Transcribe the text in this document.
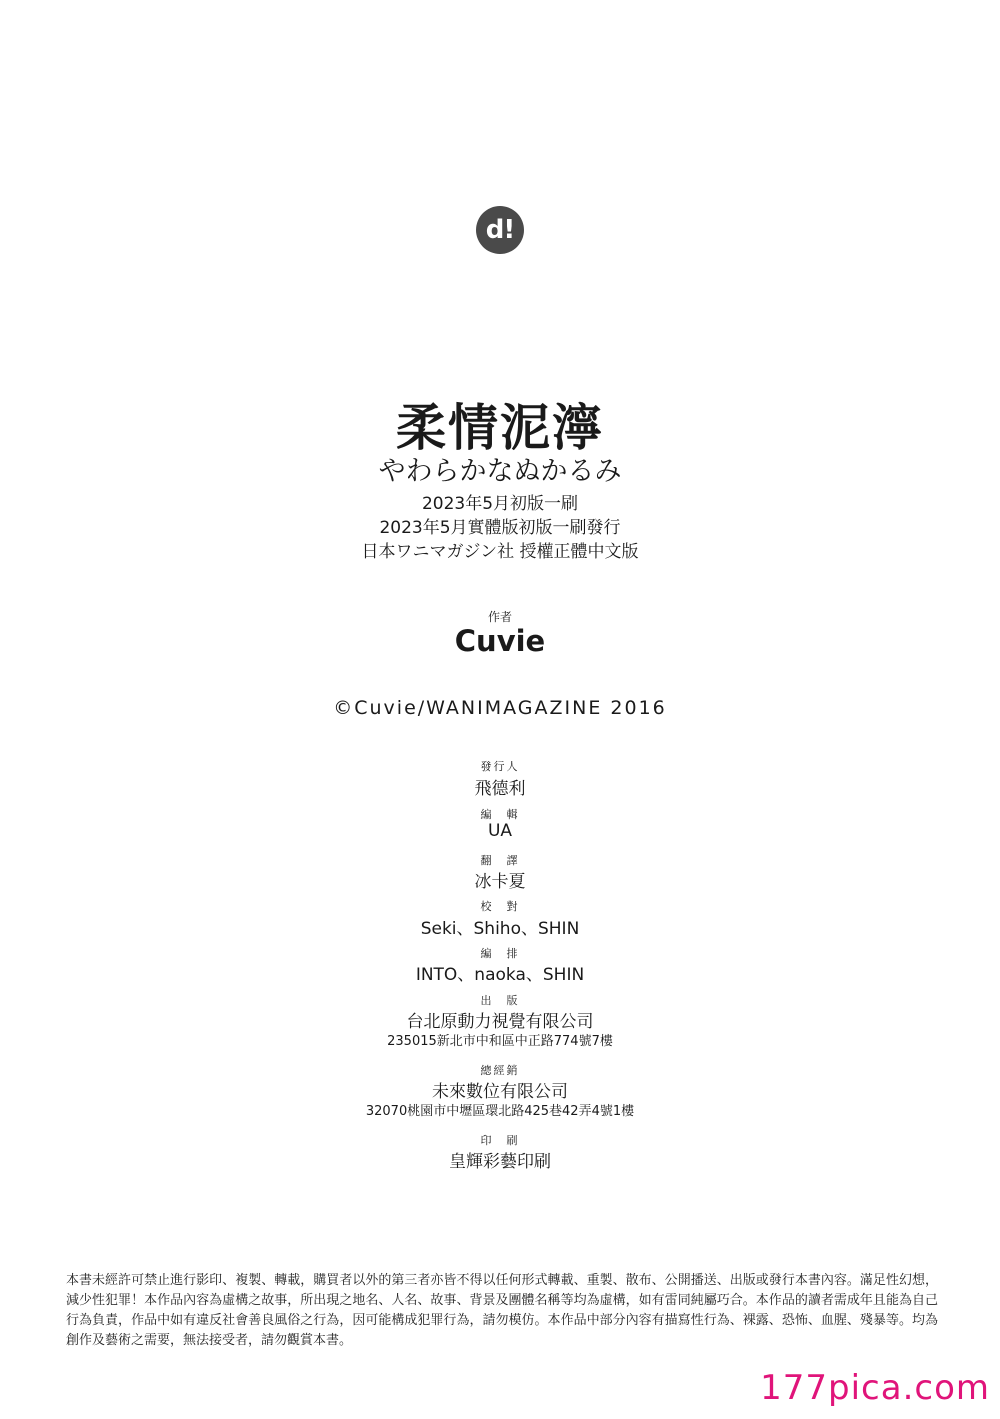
d!
柔情泥濘
やわらかなぬかるみ
2023年5月初版一刷
2023年5月實體版初版一刷發行
日本ワニマガジン社 授權正體中文版
作者
Cuvie
©Cuvie/WANIMAGAZINE 2016
發行人
飛德利
編　輯
UA
翻　譯
冰卡夏
校　對
Seki、Shiho、SHIN
編　排
INTO、naoka、SHIN
出　版
台北原動力視覺有限公司
235015新北市中和區中正路774號7樓
總經銷
未來數位有限公司
32070桃園市中壢區環北路425巷42弄4號1樓
印　刷
皇輝彩藝印刷
本書未經許可禁止進行影印、複製、轉載，購買者以外的第三者亦皆不得以任何形式轉載、重製、散布、公開播送、出版或發行本書內容。滿足性幻想，減少性犯罪！本作品內容為虛構之故事，所出現之地名、人名、故事、背景及團體名稱等均為虛構，如有雷同純屬巧合。本作品的讀者需成年且能為自己行為負責，作品中如有違反社會善良風俗之行為，因可能構成犯罪行為，請勿模仿。本作品中部分內容有描寫性行為、裸露、恐怖、血腥、殘暴等。均為創作及藝術之需要，無法接受者，請勿觀賞本書。
177pica.com
